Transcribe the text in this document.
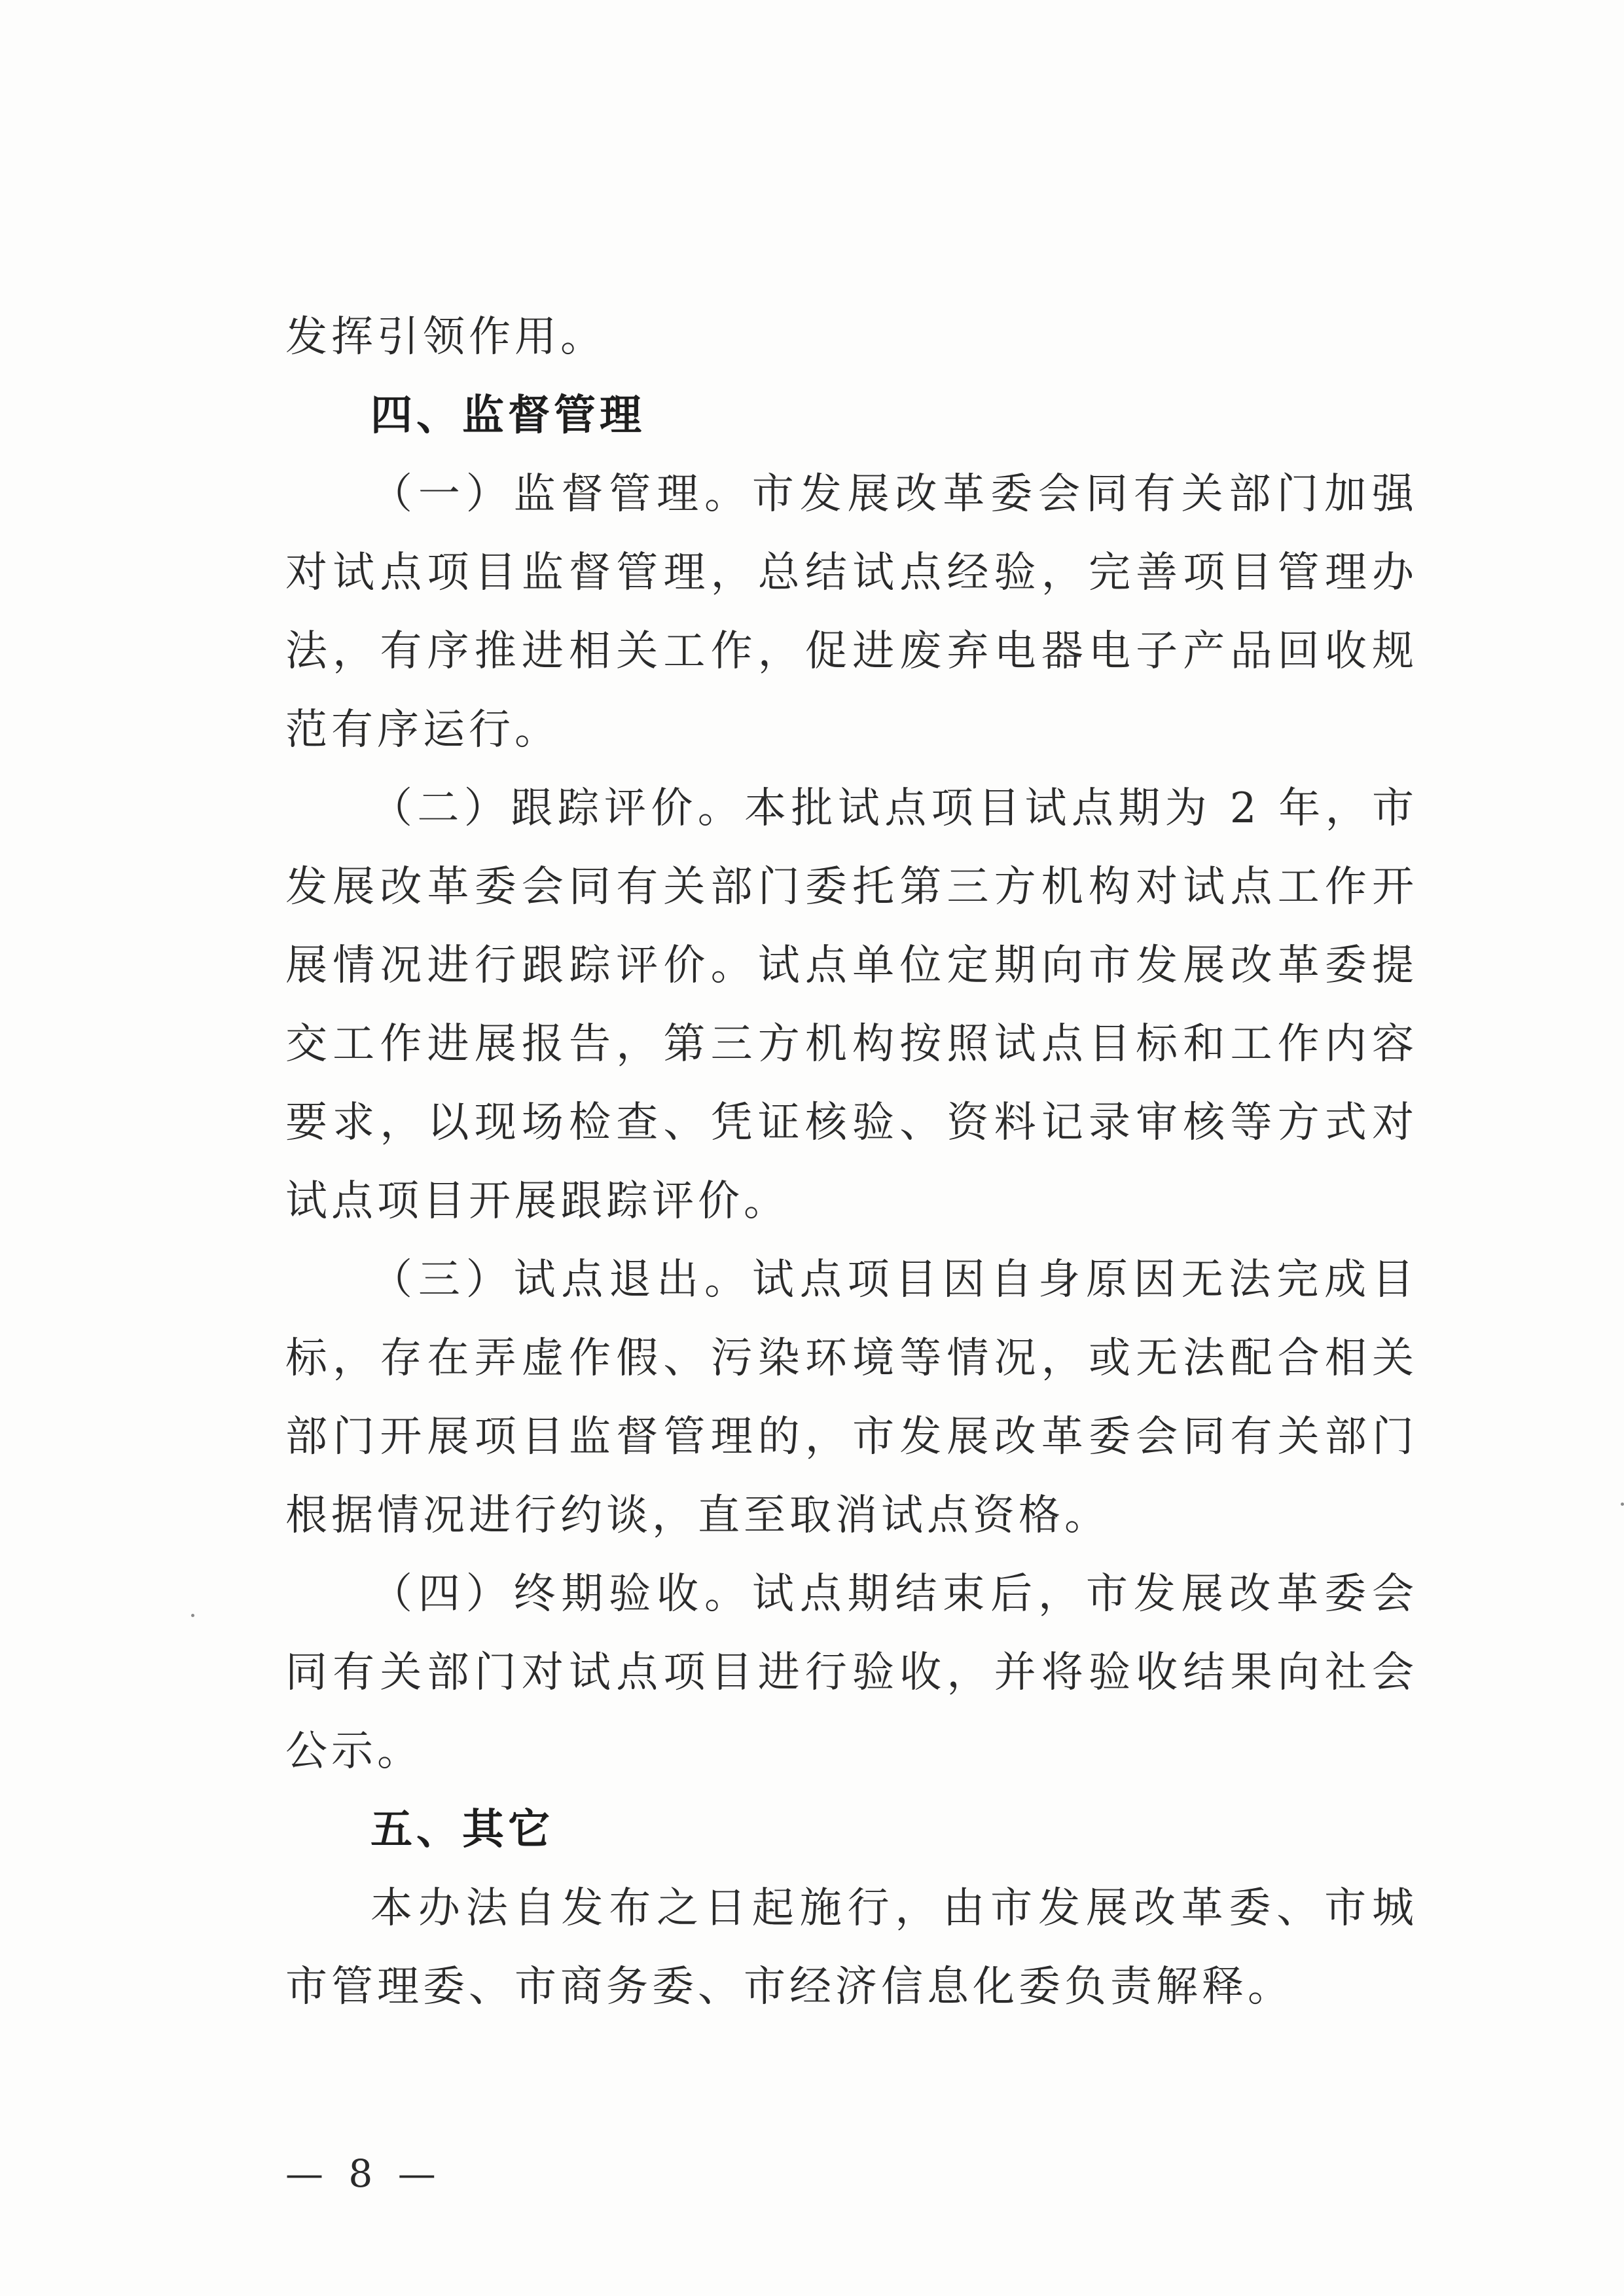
发挥引领作用。

四、监督管理

（一）监督管理。市发展改革委会同有关部门加强对试点项目监督管理，总结试点经验，完善项目管理办法，有序推进相关工作，促进废弃电器电子产品回收规范有序运行。

（二）跟踪评价。本批试点项目试点期为 2 年，市发展改革委会同有关部门委托第三方机构对试点工作开展情况进行跟踪评价。试点单位定期向市发展改革委提交工作进展报告，第三方机构按照试点目标和工作内容要求，以现场检查、凭证核验、资料记录审核等方式对试点项目开展跟踪评价。

（三）试点退出。试点项目因自身原因无法完成目标，存在弄虚作假、污染环境等情况，或无法配合相关部门开展项目监督管理的，市发展改革委会同有关部门根据情况进行约谈，直至取消试点资格。

（四）终期验收。试点期结束后，市发展改革委会同有关部门对试点项目进行验收，并将验收结果向社会公示。

五、其它

本办法自发布之日起施行，由市发展改革委、市城市管理委、市商务委、市经济信息化委负责解释。

— 8 —
